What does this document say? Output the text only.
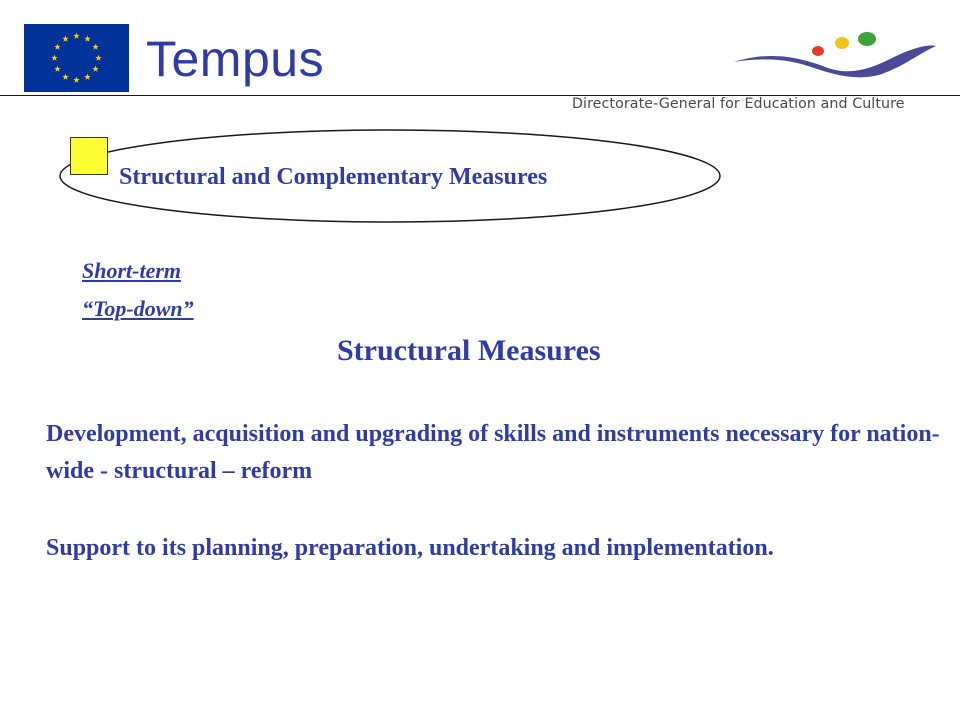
Tempus
Directorate-General for Education and Culture
Structural and Complementary Measures
Short-term
“Top-down”
Structural Measures
Development, acquisition and upgrading of skills and instruments necessary for nation-wide - structural – reform
Support to its planning, preparation, undertaking and implementation.
